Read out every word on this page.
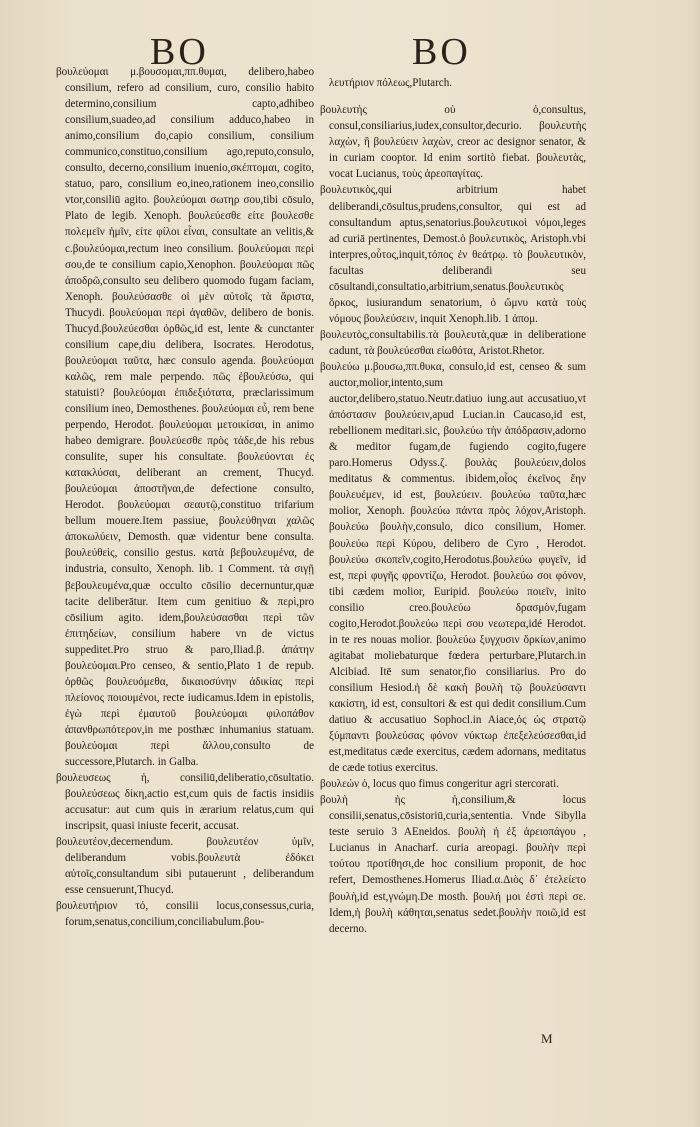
BO	BO

βουλεύομαι μ.βουσομαι,ππ.θυμαι, delibero,habeo consilium, refero ad consilium, curo, consilio habito determino,consilium capto,adhibeo consilium,suadeo,ad consilium adduco,habeo in animo,consilium do,capio consilium, consilium communico,constituo,consilium ago,reputo,consulo, consulto, decerno,consilium inuenio,σκέπτομαι, cogito, statuo, paro, consilium eo,ineo,rationem ineo,consilio vtor,consiliū agito. βουλεύομαι σωτηρ σου,tibi cōsulo, Plato de legib. Xenoph. βουλεύεσθε είτε βουλεσθε πολεμεῖν ἡμῖν, είτε φίλοι εἶναι, consultate an velitis,& c.βουλεύομαι,rectum ineo consilium. βουλεύομαι περὶ σου,de te consilium capio,Xenophon. βουλεύομαι πῶς ἀποδρῶ,consulto seu delibero quomodo fugam faciam, Xenoph. βουλεύσασθε οἱ μὲν αὐτοῖς τὰ ἄριστα, Thucydi. βουλεύομαι περὶ ἀγαθῶν, delibero de bonis. Thucyd.βουλεύεσθαι ὀρθῶς,id est, lente & cunctanter consilium cape,diu delibera, Isocrates. Herodotus, βουλεύομαι ταῦτα, hæc consulo agenda. βουλεύομαι καλῶς, rem male perpendo. πῶς ἐβουλεύσω, qui statuisti? βουλεύομαι ἐπιδεξιότατα, præclarissimum consilium ineo, Demosthenes. βουλεύομαι εὖ, rem bene perpendo, Herodot. βουλεύομαι μετοικίσαι, in animo habeo demigrare. βουλεύεσθε πρὸς τάδε,de his rebus consulite, super his consultate. βουλεύονται ἐς κατακλύσαι, deliberant an crement, Thucyd. βουλεύομαι ἀποστῆναι,de defectione consulto, Herodot. βουλεύομαι σεαυτῷ,constituo trifarium bellum mouere.Item passiue, βουλεύθηναι χαλῶς ἀποκωλύειν, Demosth. quæ videntur bene consulta. βουλεύθεὶς, consilio gestus. κατὰ βεβουλευμένα, de industria, consulto, Xenoph. lib. 1 Comment. τὰ σιγῇ βεβουλευμένα,quæ occulto cōsilio decernuntur,quæ tacite deliberātur. Item cum genitiuo & περὶ,pro cōsilium agito. idem,βουλεύσασθαι περὶ τῶν ἐπιτηδείων, consilium habere vn de victus suppeditet.Pro struo & paro,Iliad.β. ἀπάτην βουλεύομαι.Pro censeo, & sentio,Plato 1 de repub. ὀρθῶς βουλευόμεθα, δικαιοσύνην ἀδικίας περὶ πλείονος ποιουμένοι, recte iudicamus.Idem in epistolis, ἐγὼ περὶ ἐμαυτοῦ βουλεύομαι φιλοπάθον ἀπανθρωπότερον,in me posthæc inhumanius statuam. βουλεύομαι περὶ ἄλλου,consulto de successore,Plutarch. in Galba.

βουλευσεως ἡ, consiliū,deliberatio,cōsultatio. βουλεύσεως δίκη,actio est,cum quis de factis insidiis accusatur: aut cum quis in ærarium relatus,cum qui inscripsit, quasi iniuste fecerit, accusat.

βουλευτέον,decernendum. βουλευτέον ὑμῖν, deliberandum vobis.βουλευτὰ ἐδόκει αὐτοῖς,consultandum sibi putauerunt , deliberandum esse censuerunt,Thucyd.

βουλευτήριον τό, consilii locus,consessus,curia, forum,senatus,concilium,conciliabulum.βου-

λευτήριον πόλεως,Plutarch.

βουλευτὴς οὐ ὁ,consultus, consul,consiliarius,iudex,consultor,decurio. βουλευτὴς λαχὼν, ἢ βουλεύειν λαχὼν, creor ac designor senator, & in curiam cooptor. Id enim sortitò fiebat. βουλευτὰς, vocat Lucianus, τοὺς ἀρεοπαγίτας.

βουλευτικὸς,qui arbitrium habet deliberandi,cōsultus,prudens,consultor, qui est ad consultandum aptus,senatorius.βουλευτικοὶ νόμοι,leges ad curiā pertinentes, Demost.ὁ βουλευτικὸς, Aristoph.vbi interpres,οὗτος,inquit,τόπος ἐν θεάτρῳ. τὸ βουλευτικὸν, facultas deliberandi seu cōsultandi,consultatio,arbitrium,senatus.βουλευτικὸς ὅρκος, iusiurandum senatorium, ὁ ὤμνυ κατὰ τοὺς νόμους βουλεύσειν, inquit Xenoph.lib. 1 ἀπομ.

βουλευτὸς,consultabilis.τὰ βουλευτὰ,quæ in deliberatione cadunt, τὰ βουλεύεσθαι εἰωθότα, Aristot.Rhetor.

βουλεύω μ.βουσω,ππ.θυκα, consulo,id est, censeo & sum auctor,molior,intento,sum auctor,delibero,statuo.Neutr.datiuo iung.aut accusatiuo,vt ἀπόστασιν βουλεύειν,apud Lucian.in Caucaso,id est, rebellionem meditari.sic, βουλεύω τὴν ἀπόδρασιν,adorno & meditor fugam,de fugiendo cogito,fugere paro.Homerus Odyss.ζ. βουλὰς βουλεύειν,dolos meditatus & commentus. ibidem,οἷος ἐκεῖνος ἔην βουλευέμεν, id est, βουλεύειν. βουλεύω ταῦτα,hæc molior, Xenoph. βουλεύω πάντα πρὸς λόχον,Aristoph. βουλεύω βουλὴν,consulo, dico consilium, Homer. βουλεύω περὶ Κύρου, delibero de Cyro , Herodot. βουλεύω σκοπεῖν,cogito,Herodotus.βουλεύω φυγεῖν, id est, περὶ φυγῆς φροντίζω, Herodot. βουλεύω σοι φόνον, tibi cædem molior, Euripid. βουλεύω ποιεῖν, inito consilio creo.βουλεύω δρασμὸν,fugam cogito,Herodot.βουλεύω περὶ σου νεωτερα,idé Herodot. in te res nouas molior. βουλεύω ξυγχυσιν ὅρκίων,animo agitabat moliebaturque fœdera perturbare,Plutarch.in Alcibiad. Itē sum senator,fio consiliarius. Pro do consilium Hesiod.ἡ δὲ κακὴ βουλὴ τῷ βουλεύσαντι κακίστη, id est, consultori & est qui dedit consilium.Cum datiuo & accusatiuo Sophocl.in Aiace,ὁς ὡς στρατῷ ξύμπαντι βουλεύσας φόνον νύκτωρ ἐπεξελεύσεσθαι,id est,meditatus cæde exercitus, cædem adornans, meditatus de cæde totius exercitus.

βουλεών ὁ, locus quo fimus congeritur agri stercorati.

βουλὴ ἡς ἡ,consilium,& locus consilii,senatus,cōsistoriū,curia,sententia. Vnde Sibylla teste seruio 3 AEneidos. βουλὴ ἡ ἐξ ἀρειοπάγου , Lucianus in Anacharf. curia areopagi. βουλὴν περὶ τούτου προτίθησι,de hoc consilium proponit, de hoc refert, Demosthenes.Homerus Iliad.α.Διὸς δ᾽ ἐτελείετο βουλὴ,id est,γνώμη.De mosth. βουλή μοι ἐστὶ περὶ σε. Idem,ἡ βουλὴ κάθηται,senatus sedet.βουλὴν ποιῶ,id est decerno.

M
